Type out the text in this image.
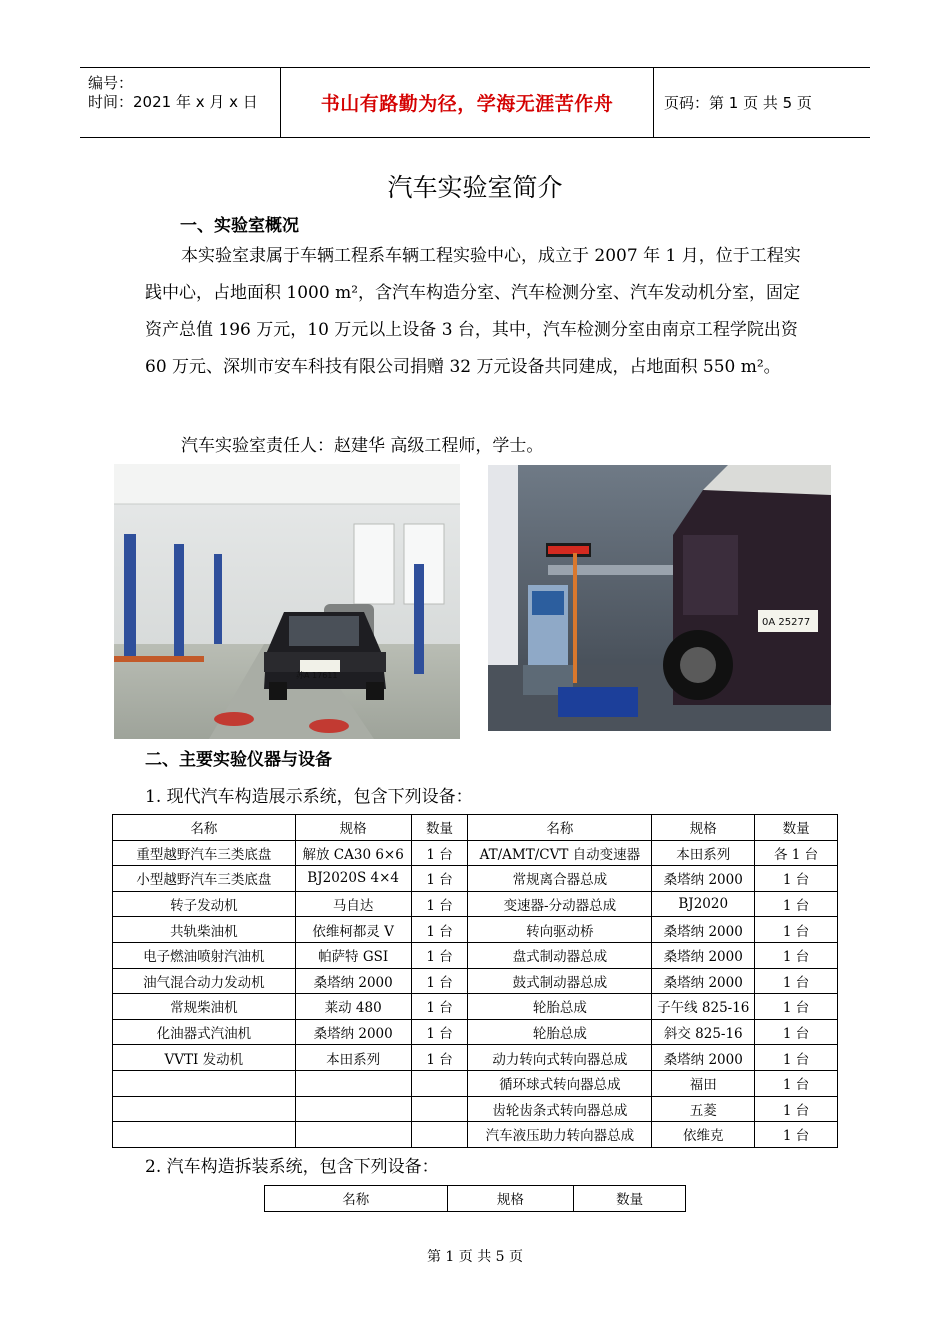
编号：
时间：2021 年 x 月 x 日	书山有路勤为径，学海无涯苦作舟	页码：第 1 页 共 5 页
汽车实验室简介
一、实验室概况
本实验室隶属于车辆工程系车辆工程实验中心，成立于 2007 年 1 月，位于工程实践中心，占地面积 1000 m²，含汽车构造分室、汽车检测分室、汽车发动机分室，固定资产总值 196 万元，10 万元以上设备 3 台，其中，汽车检测分室由南京工程学院出资 60 万元、深圳市安车科技有限公司捐赠 32 万元设备共同建成，占地面积 550 m²。
汽车实验室责任人：赵建华 高级工程师，学士。
苏A 17611
0A 25277
二、主要实验仪器与设备
1. 现代汽车构造展示系统，包含下列设备：
名称	规格	数量	名称	规格	数量
重型越野汽车三类底盘	解放 CA30 6×6	1 台	AT/AMT/CVT 自动变速器	本田系列	各 1 台
小型越野汽车三类底盘	BJ2020S 4×4	1 台	常规离合器总成	桑塔纳 2000	1 台
转子发动机	马自达	1 台	变速器-分动器总成	BJ2020	1 台
共轨柴油机	依维柯都灵 V	1 台	转向驱动桥	桑塔纳 2000	1 台
电子燃油喷射汽油机	帕萨特 GSI	1 台	盘式制动器总成	桑塔纳 2000	1 台
油气混合动力发动机	桑塔纳 2000	1 台	鼓式制动器总成	桑塔纳 2000	1 台
常规柴油机	莱动 480	1 台	轮胎总成	子午线 825-16	1 台
化油器式汽油机	桑塔纳 2000	1 台	轮胎总成	斜交 825-16	1 台
VVTI 发动机	本田系列	1 台	动力转向式转向器总成	桑塔纳 2000	1 台
			循环球式转向器总成	福田	1 台
			齿轮齿条式转向器总成	五菱	1 台
			汽车液压助力转向器总成	依维克	1 台
2. 汽车构造拆装系统，包含下列设备：
名称	规格	数量
第 1 页 共 5 页
